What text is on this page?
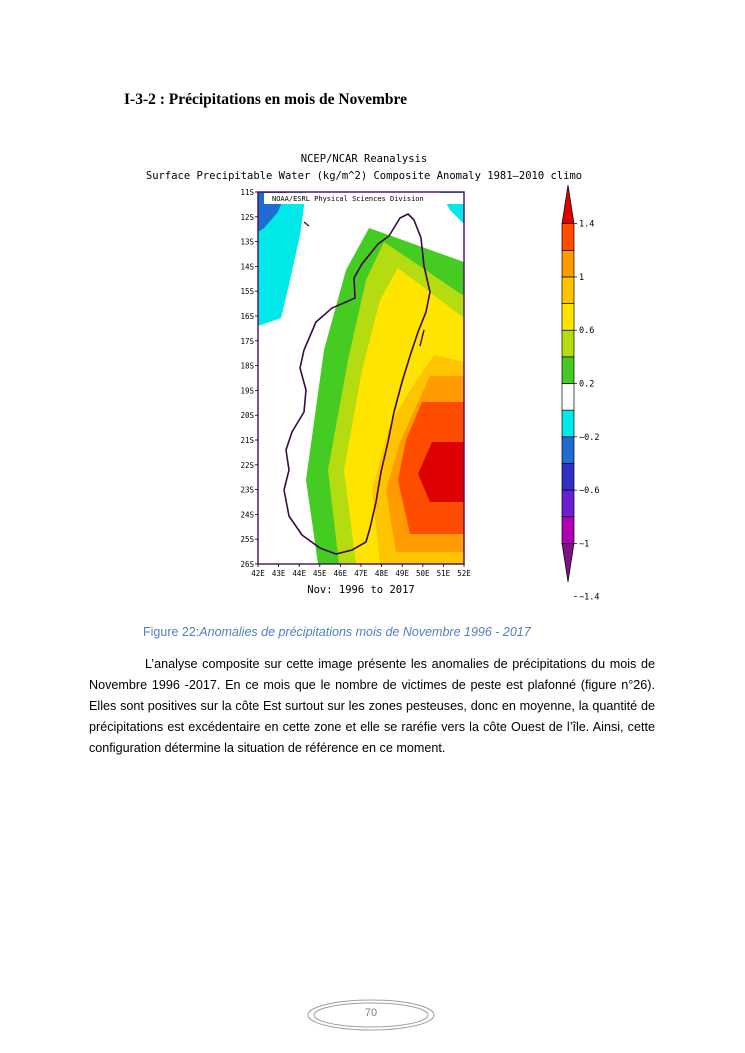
I-3-2 : Précipitations en mois de Novembre
NCEP/NCAR Reanalysis
Surface Precipitable Water (kg/m^2) Composite Anomaly 1981–2010 climo
11S
12S
13S
14S
15S
16S
17S
18S
19S
20S
21S
22S
23S
24S
25S
26S
42E 43E 44E 45E 46E 47E 48E 49E 50E 51E 52E
1.4
1
0.6
0.2
−0.2
−0.6
−1
−1.4
NOAA/ESRL Physical Sciences Division
Nov: 1996 to 2017

Figure 22:Anomalies de précipitations mois de Novembre 1996 - 2017

L’analyse composite sur cette image présente les anomalies de précipitations du mois de Novembre 1996 -2017. En ce mois que le nombre de victimes de peste est plafonné (figure n°26). Elles sont positives sur la côte Est surtout sur les zones pesteuses, donc en moyenne, la quantité de précipitations est excédentaire en cette zone et elle se raréfie vers la côte Ouest de l’île. Ainsi, cette configuration détermine la situation de référence en ce moment.

70
